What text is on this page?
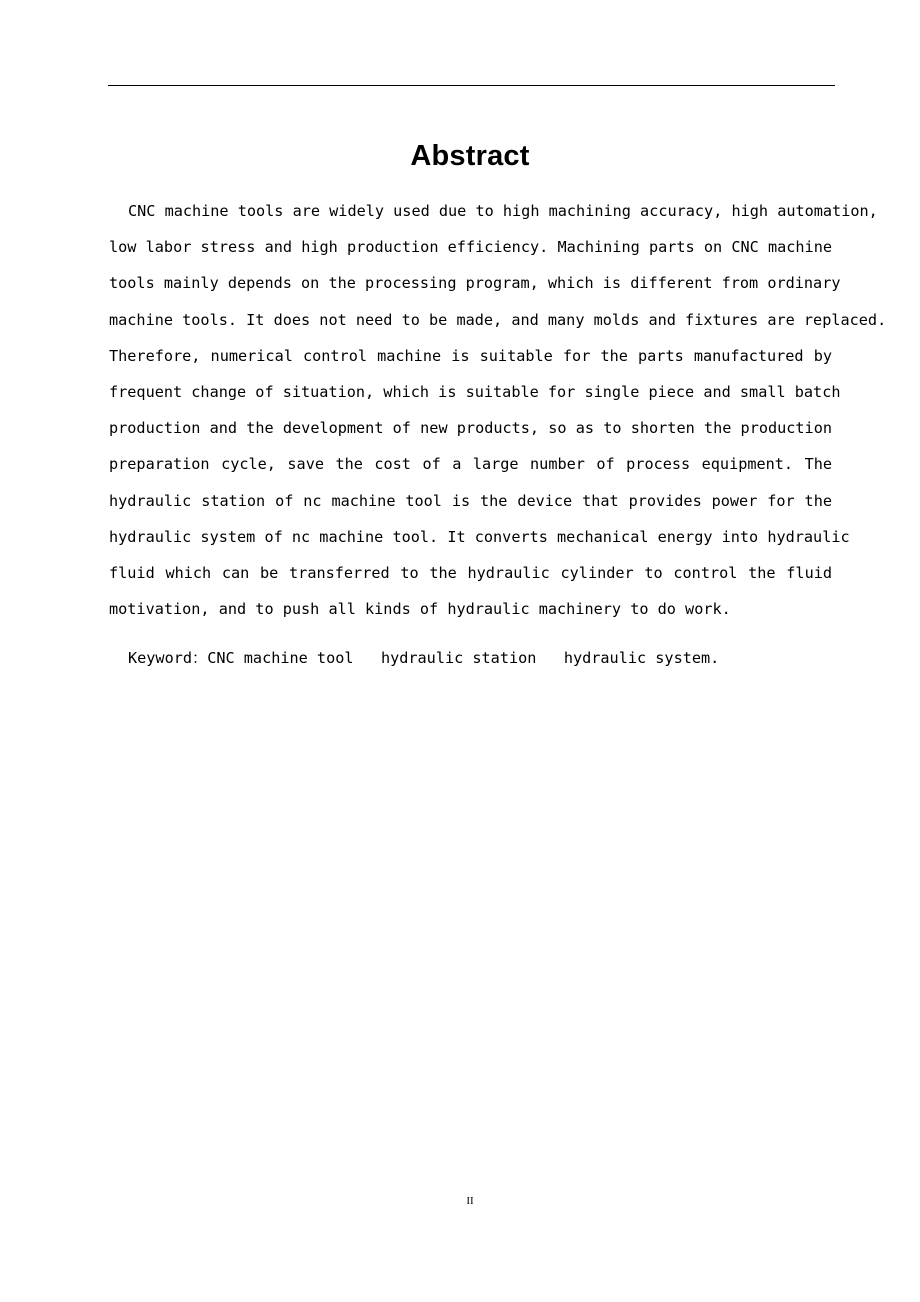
Abstract
CNC machine tools are widely used due to high machining accuracy, high automation,
low labor stress and high production efficiency. Machining parts on CNC machine
tools mainly depends on the processing program, which is different from ordinary
machine tools. It does not need to be made, and many molds and fixtures are replaced.
Therefore, numerical control machine is suitable for the parts manufactured by
frequent change of situation, which is suitable for single piece and small batch
production and the development of new products, so as to shorten the production
preparation cycle, save the cost of a large number of process equipment. The
hydraulic station of nc machine tool is the device that provides power for the
hydraulic system of nc machine tool. It converts mechanical energy into hydraulic
fluid which can be transferred to the hydraulic cylinder to control the fluid
motivation, and to push all kinds of hydraulic machinery to do work.

Keyword：CNC machine tool hydraulic station hydraulic system.

II
